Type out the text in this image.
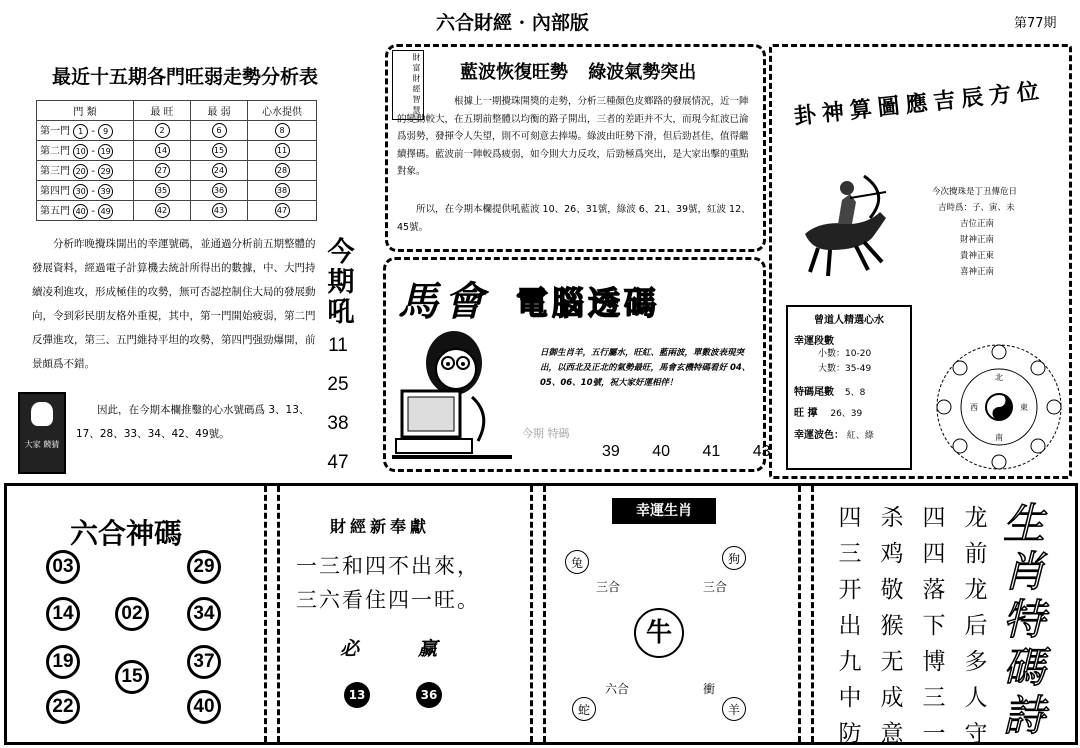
六合財經 · 內部版	第77期
最近十五期各門旺弱走勢分析表
門 類	最 旺	最 弱	心水提供
第一門 1 - 9	2	6	8
第二門 10 - 19	14	15	11
第三門 20 - 29	27	24	28
第四門 30 - 39	35	36	38
第五門 40 - 49	42	43	47
分析昨晚攪珠開出的幸運號碼，並通過分析前五期整體的發展資料，經過電子計算機去統計所得出的數據，中、大門持續凌利進攻，形成極佳的攻勢，無可否認控制住大局的發展動向，令到彩民朋友格外重視，其中，第一門開始疲弱，第二門反彈進攻，第三、五門維持平坦的攻勢，第四門强勁爆開，前景頗爲不錯。
大家 競猜
因此，在今期本欄推鑿的心水號碼爲 3、13、17、28、33、34、42、49號。
今
期
吼
11
25
38
47
財 富 財 經 智 慧 藍波恢復旺勢 綠波氣勢突出
根據上一期攪珠開獎的走勢，分析三種顏色皮鄉路的發展情況，近一陣的變動較大，在五期前整體以均衡的路子開出，三者的差距并不大，而現今紅波已淪爲弱勢，發揮令人失望，則不可刻意去捧場。綠波由旺勢下滑，但后勁甚佳，值得繼續擇碼。藍波前一陣較爲疲弱，如今則大力反攻，后勁極爲突出，是大家出擊的重點對象。
所以，在今期本欄提供吼藍波 10、26、31號，綠波 6、21、39號，紅波 12、45號。
馬會 電腦透碼
日御生肖羊，五行屬水，旺紅、藍兩波，單數波表現突出，以西北及正北的氣勢最旺，馬會玄機特碼看好 04、05、06、10號，祝大家好運相伴！
今期 特碼
39 40 41 43
卦神算圖應吉辰方位
今次攪珠是丁丑傳危日
吉時爲：子、寅、未
吉位正南
財神正南
貴神正東
喜神正南
曾道人精選心水
幸運段數
小數：10-20
大數：35-49
特碼尾數 5、8
旺 撑 26、39
幸運波色： 紅、綠
北
東
南
西
六合神碼
03	29
14	02	34
19
15
37
22	40
財經新奉獻
一三和四不出來，
三六看住四一旺。
必	赢
13	36
幸運生肖
兔	狗
三合	三合
牛
六合	衝
蛇	羊
四三开出九中防
杀鸡敬猴无成意
四四落下博三一
龙前龙后多人守
生肖特碼詩
